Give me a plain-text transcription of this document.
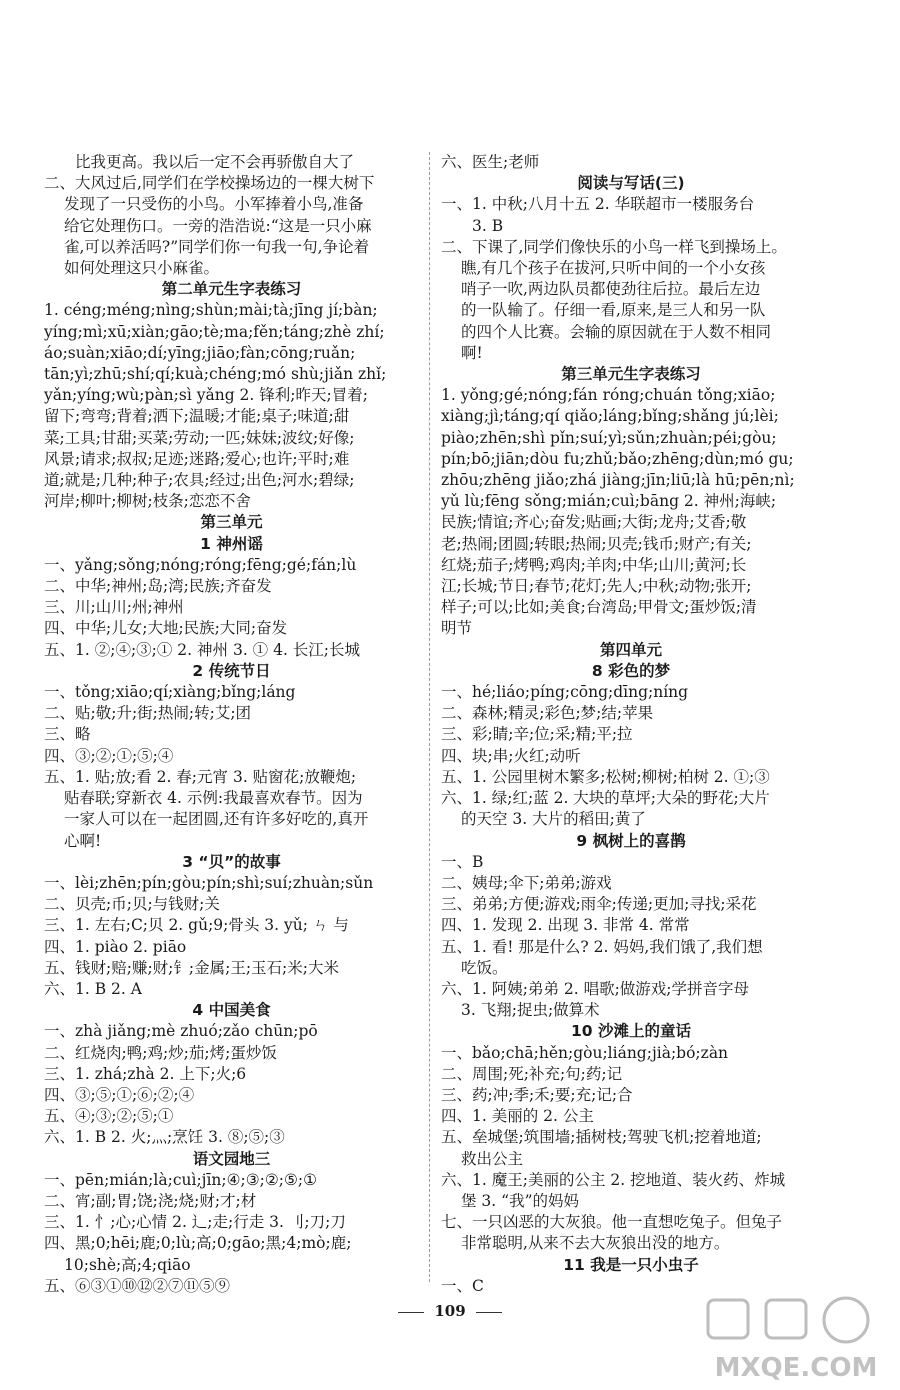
比我更高。我以后一定不会再骄傲自大了
二、大风过后,同学们在学校操场边的一棵大树下
发现了一只受伤的小鸟。小军捧着小鸟,准备
给它处理伤口。一旁的浩浩说:“这是一只小麻
雀,可以养活吗?”同学们你一句我一句,争论着
如何处理这只小麻雀。
第二单元生字表练习
1. céng;méng;nìng;shùn;mài;tà;jīng jí;bàn;
yíng;mì;xū;xiàn;gāo;tè;ma;fěn;táng;zhè zhí;
áo;suàn;xiāo;dí;yīng;jiāo;fàn;cōng;ruǎn;
tān;yì;zhū;shí;qí;kuà;chéng;mó shù;jiǎn zhǐ;
yǎn;yíng;wù;pàn;sì yǎng 2. 锋利;昨天;冒着;
留下;弯弯;背着;洒下;温暖;才能;桌子;味道;甜
菜;工具;甘甜;买菜;劳动;一匹;妹妹;波纹;好像;
风景;请求;叔叔;足迹;迷路;爱心;也许;平时;难
道;就是;几种;种子;农具;经过;出色;河水;碧绿;
河岸;柳叶;柳树;枝条;恋恋不舍
第三单元
1 神州谣
一、yǎng;sǒng;nóng;róng;fēng;gé;fán;lù
二、中华;神州;岛;湾;民族;齐奋发
三、川;山川;州;神州
四、中华;儿女;大地;民族;大同;奋发
五、1. ②;④;③;① 2. 神州 3. ① 4. 长江;长城
2 传统节日
一、tǒng;xiāo;qí;xiàng;bǐng;láng
二、贴;敬;升;街;热闹;转;艾;团
三、略
四、③;②;①;⑤;④
五、1. 贴;放;看 2. 春;元宵 3. 贴窗花;放鞭炮;
贴春联;穿新衣 4. 示例:我最喜欢春节。因为
一家人可以在一起团圆,还有许多好吃的,真开
心啊!
3 “贝”的故事
一、lèi;zhēn;pín;gòu;pín;shì;suí;zhuàn;sǔn
二、贝壳;币;贝;与钱财;关
三、1. 左右;C;贝 2. gǔ;9;骨头 3. yǔ; ㄣ 与
四、1. piào 2. piāo
五、钱财;赔;赚;财;钅;金属;王;玉石;米;大米
六、1. B 2. A
4 中国美食
一、zhà jiǎng;mè zhuó;zǎo chūn;pō
二、红烧肉;鸭;鸡;炒;茄;烤;蛋炒饭
三、1. zhá;zhà 2. 上下;火;6
四、③;⑤;①;⑥;②;④
五、④;③;②;⑤;①
六、1. B 2. 火;灬;烹饪 3. ⑧;⑤;③
语文园地三
一、pēn;mián;là;cuì;jīn;④;③;②;⑤;①
二、宵;副;胃;饶;浇;烧;财;才;材
三、1. 忄;心;心情 2. 辶;走;行走 3. 刂;刀;刀
四、黑;0;hēi;鹿;0;lù;高;0;gāo;黑;4;mò;鹿;
10;shè;高;4;qiāo
五、⑥③①⑩⑫②⑦⑪⑤⑨
六、医生;老师
阅读与写话(三)
一、1. 中秋;八月十五 2. 华联超市一楼服务台
3. B
二、下课了,同学们像快乐的小鸟一样飞到操场上。
瞧,有几个孩子在拔河,只听中间的一个小女孩
哨子一吹,两边队员都使劲往后拉。最后左边
的一队输了。仔细一看,原来,是三人和另一队
的四个人比赛。会输的原因就在于人数不相同
啊!
第三单元生字表练习
1. yǒng;gé;nóng;fán róng;chuán tǒng;xiāo;
xiàng;jì;táng;qí qiǎo;láng;bǐng;shǎng jú;lèi;
piào;zhēn;shì pǐn;suí;yì;sǔn;zhuàn;péi;gòu;
pín;bō;jiān;dòu fu;zhǔ;bǎo;zhēng;dùn;mó gu;
zhōu;zhēng jiǎo;zhá jiàng;jīn;liū;là hū;pēn;nì;
yǔ lù;fēng sǒng;mián;cuì;bāng 2. 神州;海峡;
民族;情谊;齐心;奋发;贴画;大街;龙舟;艾香;敬
老;热闹;团圆;转眼;热闹;贝壳;钱币;财产;有关;
红烧;茄子;烤鸭;鸡肉;羊肉;中华;山川;黄河;长
江;长城;节日;春节;花灯;先人;中秋;动物;张开;
样子;可以;比如;美食;台湾岛;甲骨文;蛋炒饭;清
明节
第四单元
8 彩色的梦
一、hé;liáo;píng;cōng;dīng;níng
二、森林;精灵;彩色;梦;结;苹果
三、彩;睛;辛;位;采;精;平;拉
四、块;串;火红;动听
五、1. 公园里树木繁多;松树;柳树;柏树 2. ①;③
六、1. 绿;红;蓝 2. 大块的草坪;大朵的野花;大片
的天空 3. 大片的稻田;黄了
9 枫树上的喜鹊
一、B
二、姨母;伞下;弟弟;游戏
三、弟弟;方便;游戏;雨伞;传递;更加;寻找;采花
四、1. 发现 2. 出现 3. 非常 4. 常常
五、1. 看! 那是什么? 2. 妈妈,我们饿了,我们想
吃饭。
六、1. 阿姨;弟弟 2. 唱歌;做游戏;学拼音字母
3. 飞翔;捉虫;做算术
10 沙滩上的童话
一、bǎo;chā;hěn;gòu;liáng;jià;bó;zàn
二、周围;死;补充;句;药;记
三、药;冲;季;禾;要;充;记;合
四、1. 美丽的 2. 公主
五、垒城堡;筑围墙;插树枝;驾驶飞机;挖着地道;
救出公主
六、1. 魔王;美丽的公主 2. 挖地道、装火药、炸城
堡 3. “我”的妈妈
七、一只凶恶的大灰狼。他一直想吃兔子。但兔子
非常聪明,从来不去大灰狼出没的地方。
11 我是一只小虫子
一、C
109
MXQE.COM
